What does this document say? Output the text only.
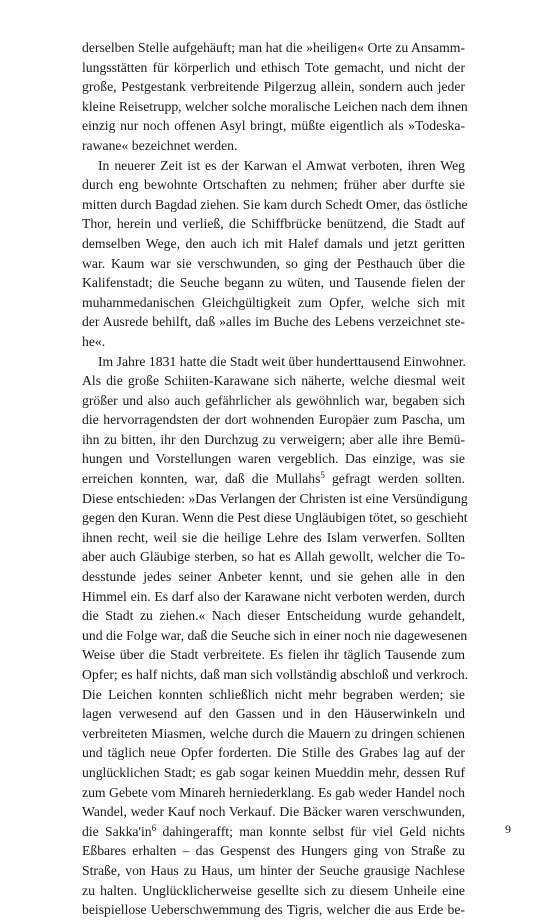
derselben Stelle aufgehäuft; man hat die »heiligen« Orte zu Ansamm-
lungsstätten für körperlich und ethisch Tote gemacht, und nicht der
große, Pestgestank verbreitende Pilgerzug allein, sondern auch jeder
kleine Reisetrupp, welcher solche moralische Leichen nach dem ihnen
einzig nur noch offenen Asyl bringt, müßte eigentlich als »Todeska-
rawane« bezeichnet werden.
In neuerer Zeit ist es der Karwan el Amwat verboten, ihren Weg
durch eng bewohnte Ortschaften zu nehmen; früher aber durfte sie
mitten durch Bagdad ziehen. Sie kam durch Schedt Omer, das östliche
Thor, herein und verließ, die Schiffbrücke benützend, die Stadt auf
demselben Wege, den auch ich mit Halef damals und jetzt geritten
war. Kaum war sie verschwunden, so ging der Pesthauch über die
Kalifenstadt; die Seuche begann zu wüten, und Tausende fielen der
muhammedanischen Gleichgültigkeit zum Opfer, welche sich mit
der Ausrede behilft, daß »alles im Buche des Lebens verzeichnet ste-
he«.
Im Jahre 1831 hatte die Stadt weit über hunderttausend Einwohner.
Als die große Schiiten-Karawane sich näherte, welche diesmal weit
größer und also auch gefährlicher als gewöhnlich war, begaben sich
die hervorragendsten der dort wohnenden Europäer zum Pascha, um
ihn zu bitten, ihr den Durchzug zu verweigern; aber alle ihre Bemü-
hungen und Vorstellungen waren vergeblich. Das einzige, was sie
erreichen konnten, war, daß die Mullahs$^5$ gefragt werden sollten.
Diese entschieden: »Das Verlangen der Christen ist eine Versündigung
gegen den Kuran. Wenn die Pest diese Ungläubigen tötet, so geschieht
ihnen recht, weil sie die heilige Lehre des Islam verwerfen. Sollten
aber auch Gläubige sterben, so hat es Allah gewollt, welcher die To-
desstunde jedes seiner Anbeter kennt, und sie gehen alle in den
Himmel ein. Es darf also der Karawane nicht verboten werden, durch
die Stadt zu ziehen.« Nach dieser Entscheidung wurde gehandelt,
und die Folge war, daß die Seuche sich in einer noch nie dagewesenen
Weise über die Stadt verbreitete. Es fielen ihr täglich Tausende zum
Opfer; es half nichts, daß man sich vollständig abschloß und verkroch.
Die Leichen konnten schließlich nicht mehr begraben werden; sie
lagen verwesend auf den Gassen und in den Häuserwinkeln und
verbreiteten Miasmen, welche durch die Mauern zu dringen schienen
und täglich neue Opfer forderten. Die Stille des Grabes lag auf der
unglücklichen Stadt; es gab sogar keinen Mueddin mehr, dessen Ruf
zum Gebete vom Minareh herniederklang. Es gab weder Handel noch
Wandel, weder Kauf noch Verkauf. Die Bäcker waren verschwunden,
die $Sakka'in^6$ dahingerafft; man konnte selbst für viel Geld nichts
Eßbares erhalten – das Gespenst des Hungers ging von Straße zu
Straße, von Haus zu Haus, um hinter der Seuche grausige Nachlese
zu halten. Unglücklicherweise gesellte sich zu diesem Unheile eine
beispiellose Ueberschwemmung des Tigris, welcher die aus Erde be-
9
